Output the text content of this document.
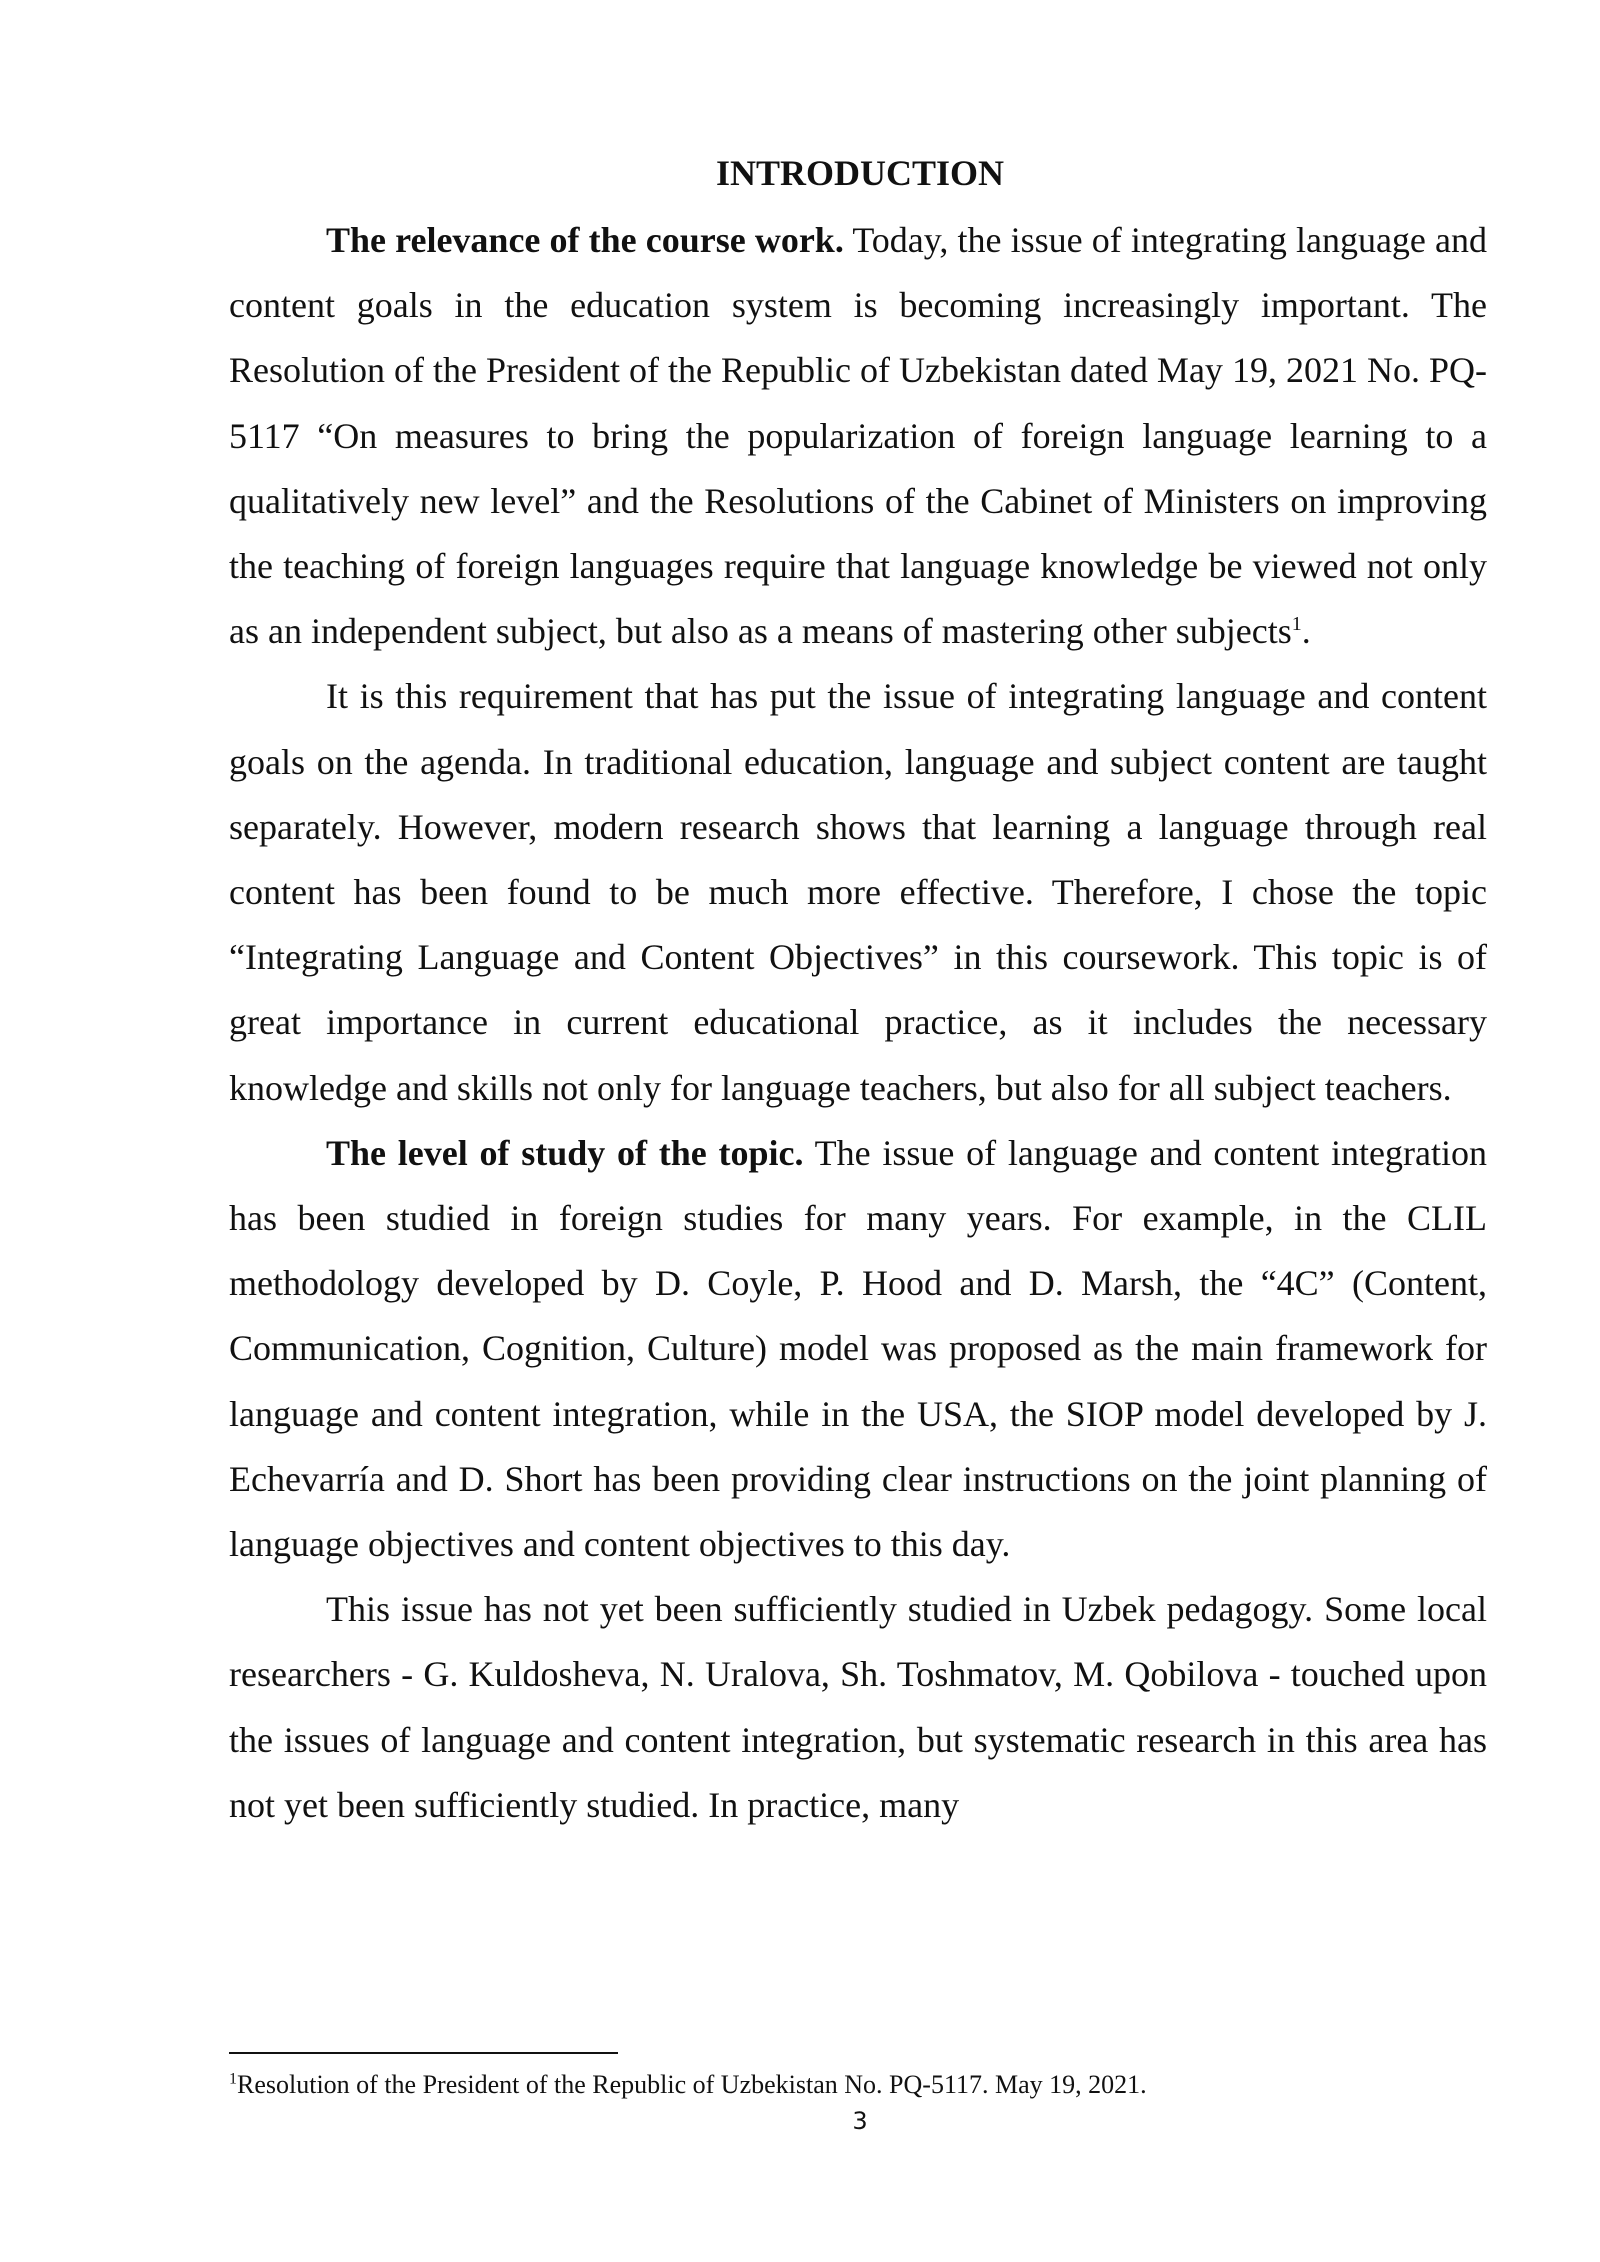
INTRODUCTION

The relevance of the course work. Today, the issue of integrating language and content goals in the education system is becoming increasingly important. The Resolution of the President of the Republic of Uzbekistan dated May 19, 2021 No. PQ-5117 “On measures to bring the popularization of foreign language learning to a qualitatively new level” and the Resolutions of the Cabinet of Ministers on improving the teaching of foreign languages require that language knowledge be viewed not only as an independent subject, but also as a means of mastering other subjects$^1$.

It is this requirement that has put the issue of integrating language and content goals on the agenda. In traditional education, language and subject content are taught separately. However, modern research shows that learning a language through real content has been found to be much more effective. Therefore, I chose the topic “Integrating Language and Content Objectives” in this coursework. This topic is of great importance in current educational practice, as it includes the necessary knowledge and skills not only for language teachers, but also for all subject teachers.

The level of study of the topic. The issue of language and content integration has been studied in foreign studies for many years. For example, in the CLIL methodology developed by D. Coyle, P. Hood and D. Marsh, the “4C” (Content, Communication, Cognition, Culture) model was proposed as the main framework for language and content integration, while in the USA, the SIOP model developed by J. Echevarría and D. Short has been providing clear instructions on the joint planning of language objectives and content objectives to this day.

This issue has not yet been sufficiently studied in Uzbek pedagogy. Some local researchers - G. Kuldosheva, N. Uralova, Sh. Toshmatov, M. Qobilova - touched upon the issues of language and content integration, but systematic research in this area has not yet been sufficiently studied. In practice, many

$^1$Resolution of the President of the Republic of Uzbekistan No. PQ-5117. May 19, 2021.
3
